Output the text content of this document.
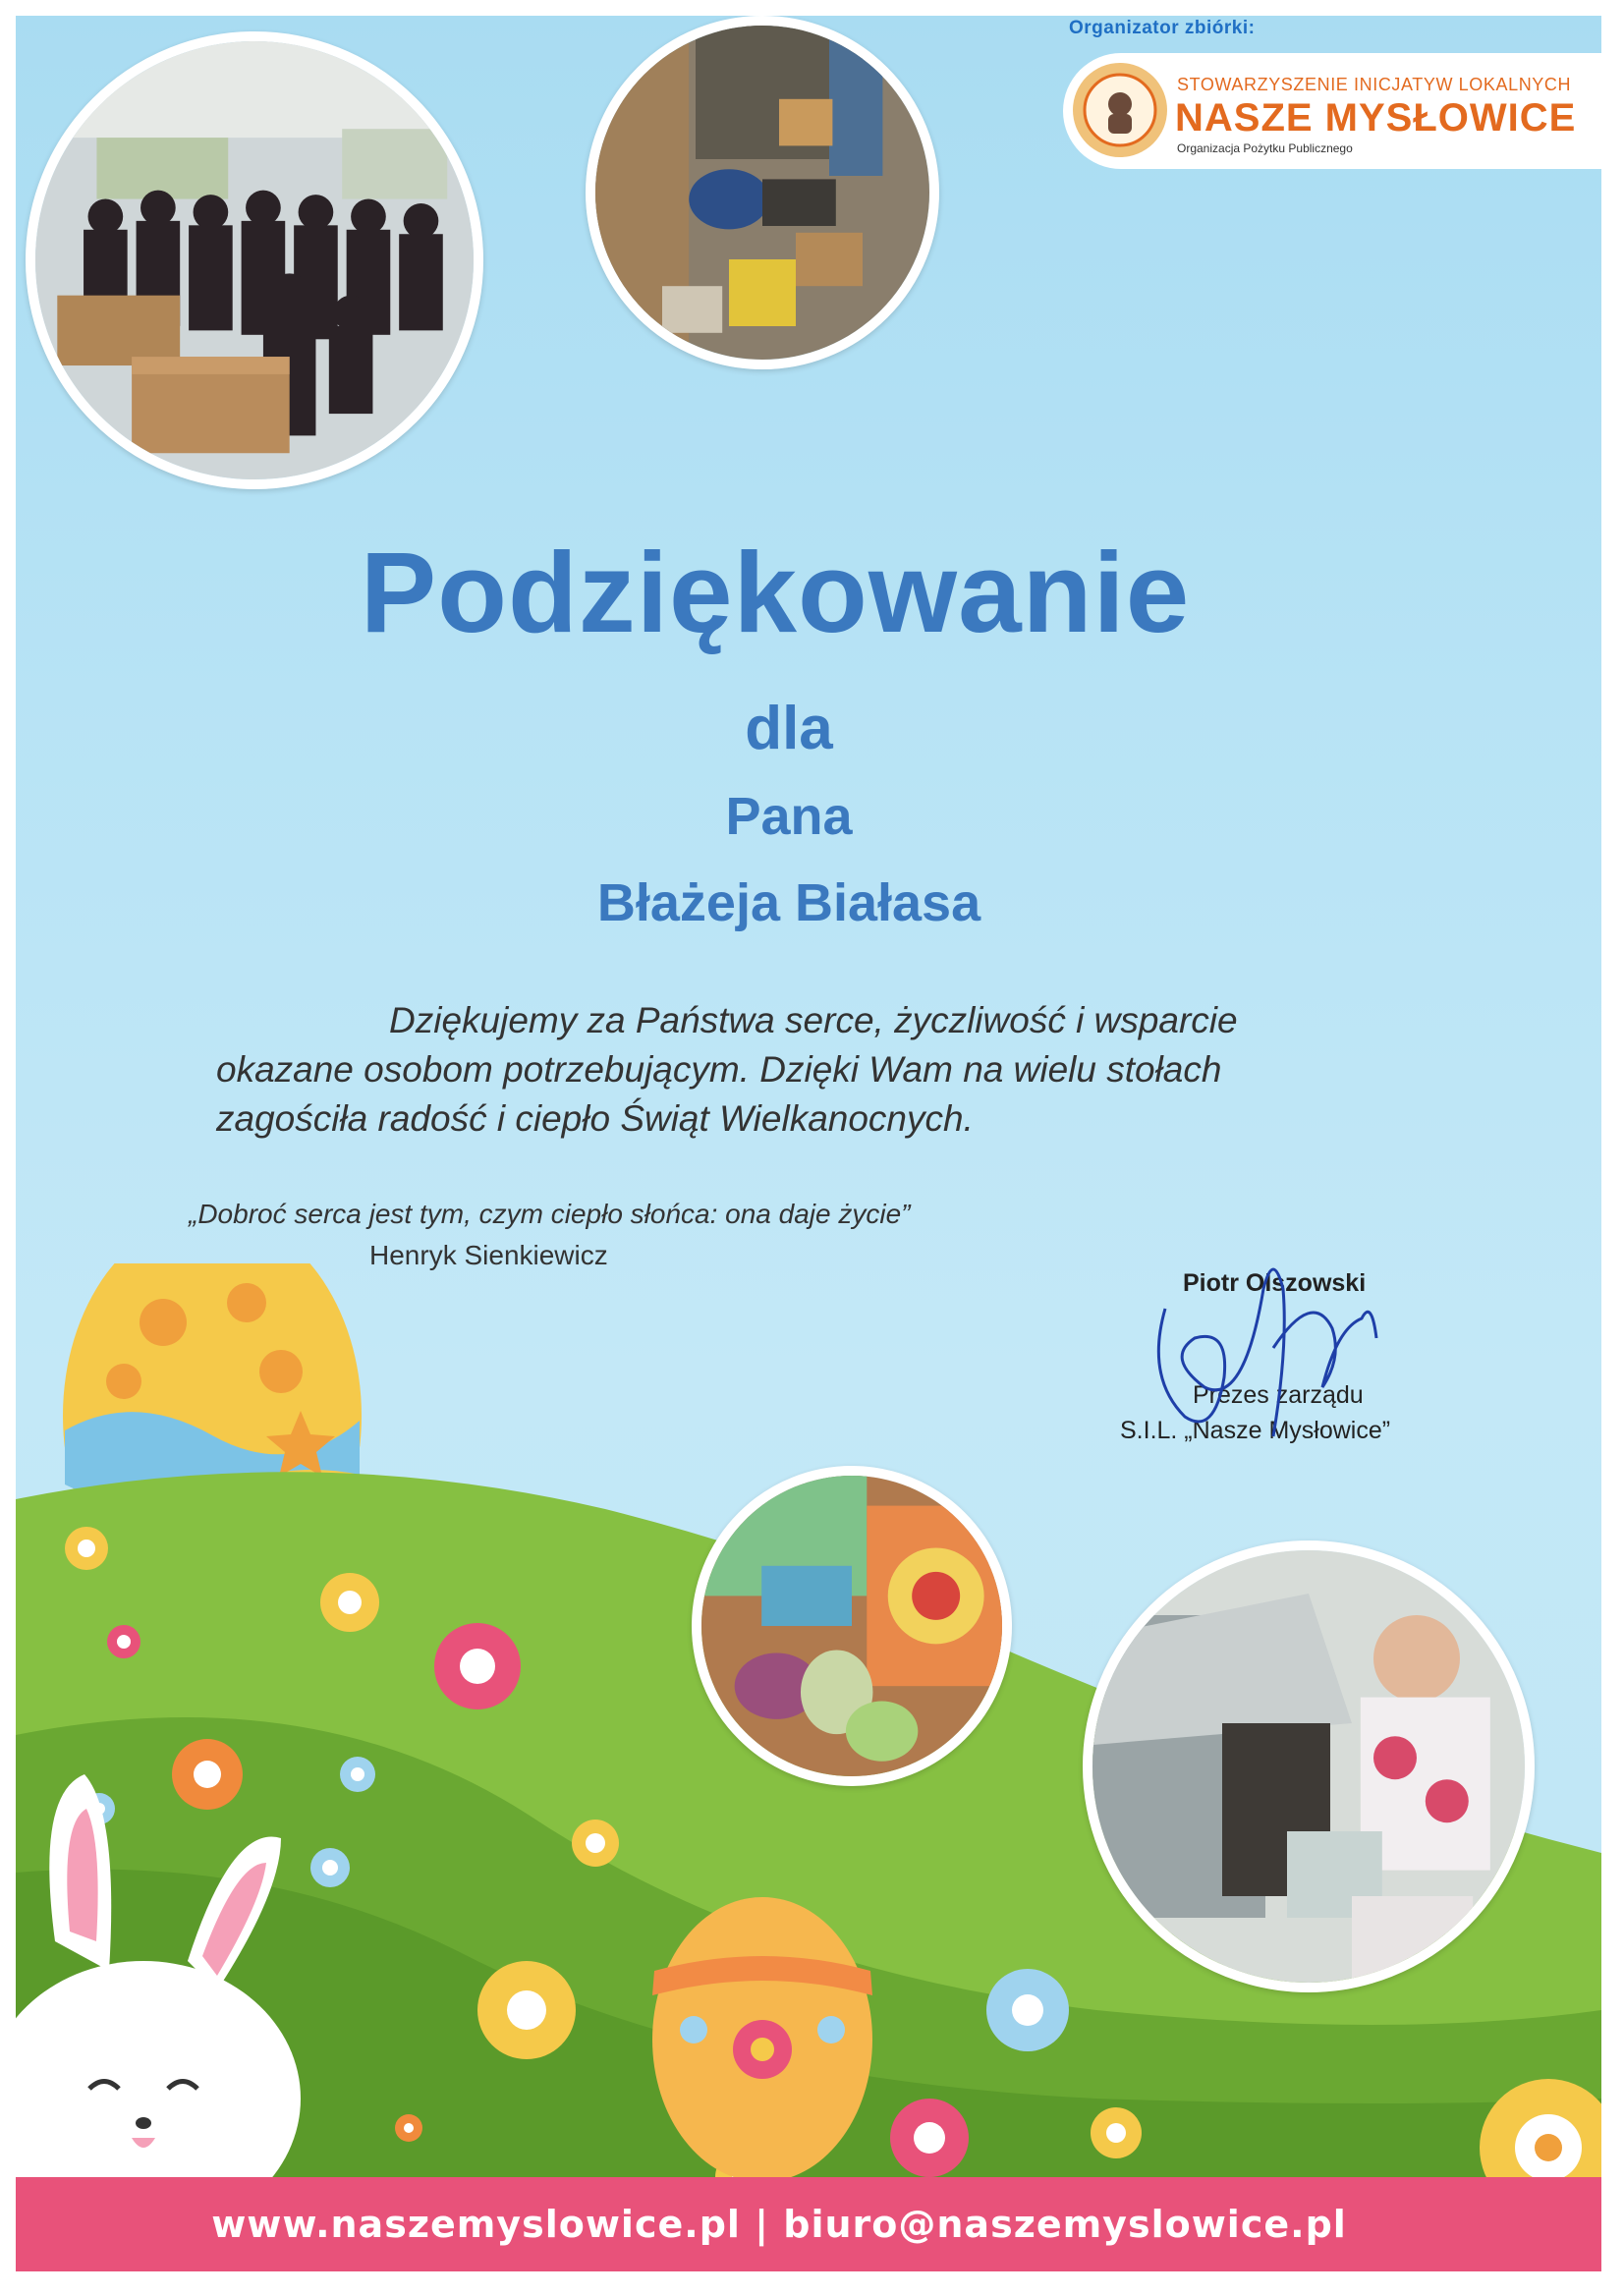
Organizator zbiórki:
STOWARZYSZENIE INICJATYW LOKALNYCH
NASZE MYSŁOWICE
Organizacja Pożytku Publicznego
Podziękowanie
dla
Pana
Błażeja Białasa
Dziękujemy za Państwa serce, życzliwość i wsparcie
okazane osobom potrzebującym. Dzięki Wam na wielu stołach
zagościła radość i ciepło Świąt Wielkanocnych.
„Dobroć serca jest tym, czym ciepło słońca: ona daje życie”
Henryk Sienkiewicz
Piotr Olszowski
Prezes zarządu
S.I.L. „Nasze Mysłowice”
www.naszemyslowice.pl | biuro@naszemyslowice.pl
